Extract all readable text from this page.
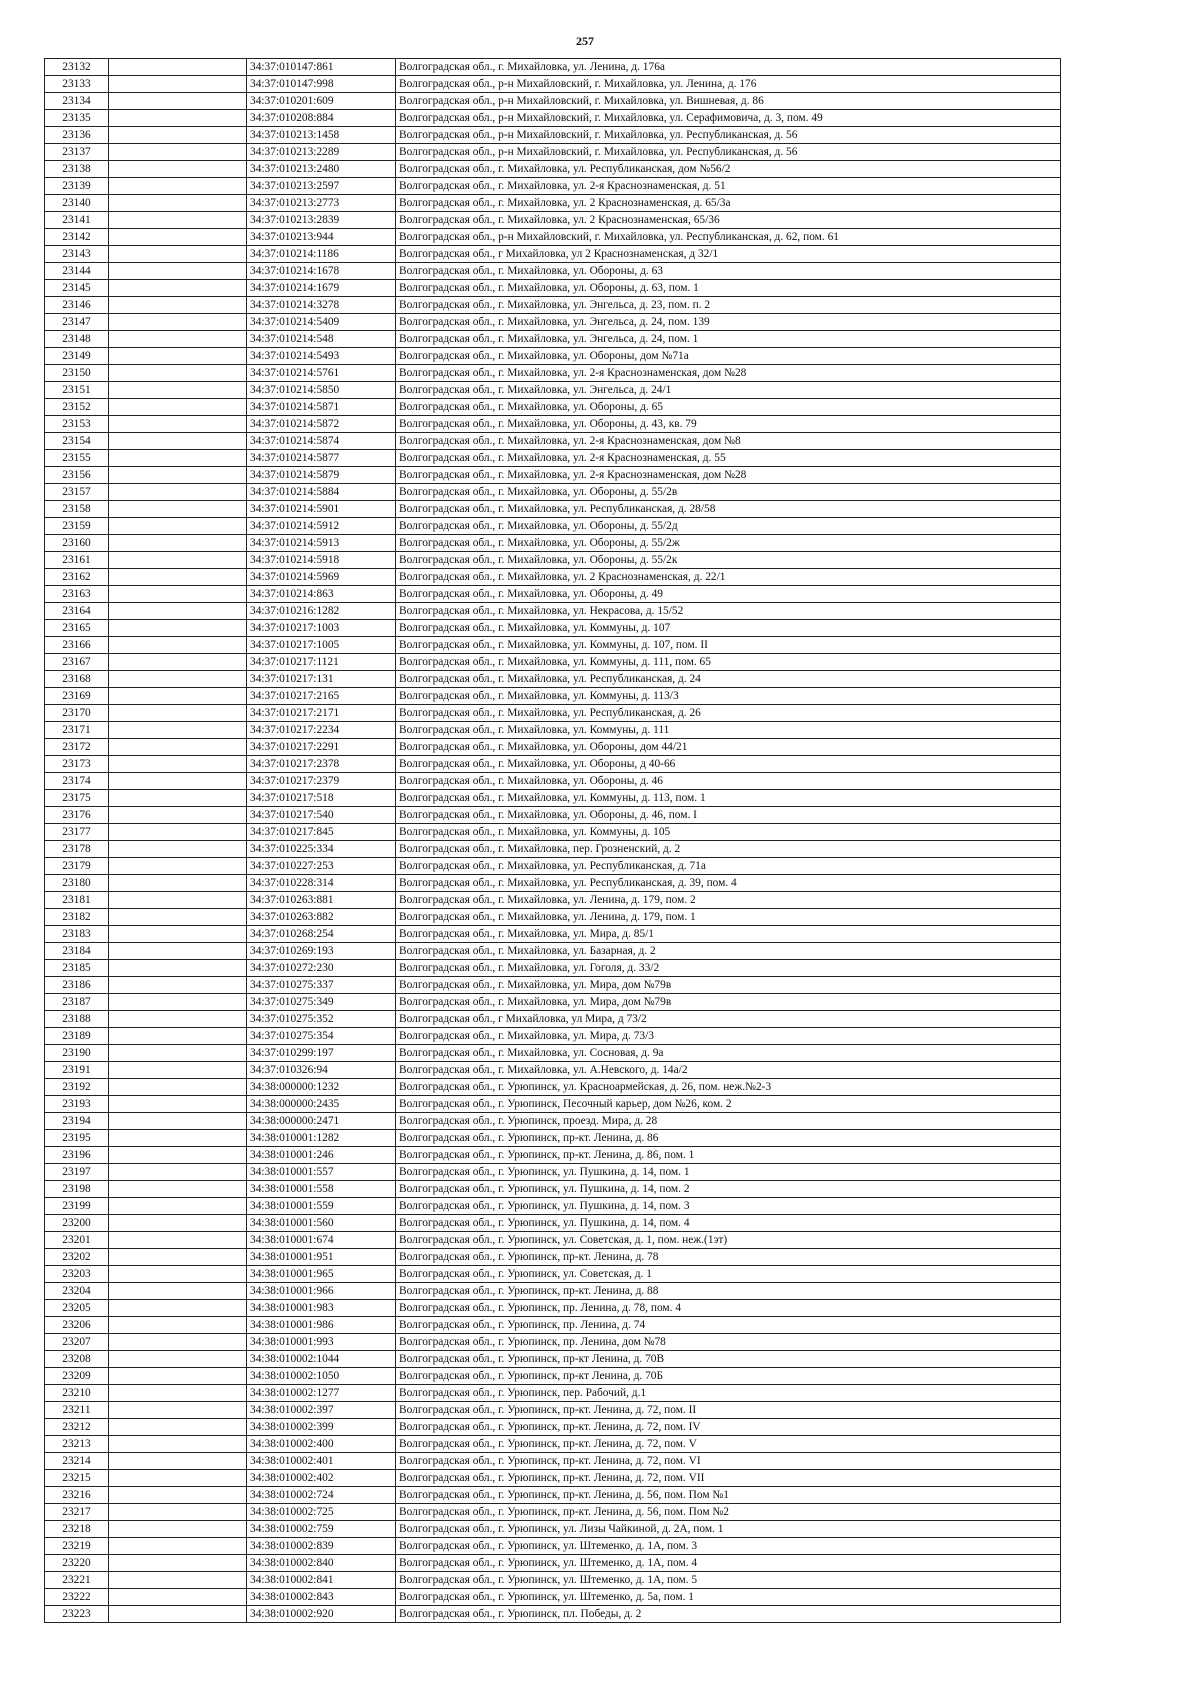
257
23132		34:37:010147:861	Волгоградская обл., г. Михайловка, ул. Ленина, д. 176а
23133		34:37:010147:998	Волгоградская обл., р-н Михайловский, г. Михайловка, ул. Ленина, д. 176
23134		34:37:010201:609	Волгоградская обл., р-н Михайловский, г. Михайловка, ул. Вишневая, д. 86
23135		34:37:010208:884	Волгоградская обл., р-н Михайловский, г. Михайловка, ул. Серафимовича, д. 3, пом. 49
23136		34:37:010213:1458	Волгоградская обл., р-н Михайловский, г. Михайловка, ул. Республиканская, д. 56
23137		34:37:010213:2289	Волгоградская обл., р-н Михайловский, г. Михайловка, ул. Республиканская, д. 56
23138		34:37:010213:2480	Волгоградская обл., г. Михайловка, ул. Республиканская, дом №56/2
23139		34:37:010213:2597	Волгоградская обл., г. Михайловка, ул. 2-я Краснознаменская, д. 51
23140		34:37:010213:2773	Волгоградская обл., г. Михайловка, ул. 2 Краснознаменская, д. 65/3а
23141		34:37:010213:2839	Волгоградская обл., г. Михайловка, ул. 2 Краснознаменская, 65/36
23142		34:37:010213:944	Волгоградская обл., р-н Михайловский, г. Михайловка, ул. Республиканская, д. 62, пом. 61
23143		34:37:010214:1186	Волгоградская обл., г Михайловка, ул 2 Краснознаменская, д 32/1
23144		34:37:010214:1678	Волгоградская обл., г. Михайловка, ул. Обороны, д. 63
23145		34:37:010214:1679	Волгоградская обл., г. Михайловка, ул. Обороны, д. 63, пом. 1
23146		34:37:010214:3278	Волгоградская обл., г. Михайловка, ул. Энгельса, д. 23, пом. п. 2
23147		34:37:010214:5409	Волгоградская обл., г. Михайловка, ул. Энгельса, д. 24, пом. 139
23148		34:37:010214:548	Волгоградская обл., г. Михайловка, ул. Энгельса, д. 24, пом. 1
23149		34:37:010214:5493	Волгоградская обл., г. Михайловка, ул. Обороны, дом №71а
23150		34:37:010214:5761	Волгоградская обл., г. Михайловка, ул. 2-я Краснознаменская, дом №28
23151		34:37:010214:5850	Волгоградская обл., г. Михайловка, ул. Энгельса, д. 24/1
23152		34:37:010214:5871	Волгоградская обл., г. Михайловка, ул. Обороны, д. 65
23153		34:37:010214:5872	Волгоградская обл., г. Михайловка, ул. Обороны, д. 43, кв. 79
23154		34:37:010214:5874	Волгоградская обл., г. Михайловка, ул. 2-я Краснознаменская, дом №8
23155		34:37:010214:5877	Волгоградская обл., г. Михайловка, ул. 2-я Краснознаменская, д. 55
23156		34:37:010214:5879	Волгоградская обл., г. Михайловка, ул. 2-я Краснознаменская, дом №28
23157		34:37:010214:5884	Волгоградская обл., г. Михайловка, ул. Обороны, д. 55/2в
23158		34:37:010214:5901	Волгоградская обл., г. Михайловка, ул. Республиканская, д. 28/58
23159		34:37:010214:5912	Волгоградская обл., г. Михайловка, ул. Обороны, д. 55/2д
23160		34:37:010214:5913	Волгоградская обл., г. Михайловка, ул. Обороны, д. 55/2ж
23161		34:37:010214:5918	Волгоградская обл., г. Михайловка, ул. Обороны, д. 55/2к
23162		34:37:010214:5969	Волгоградская обл., г. Михайловка, ул. 2 Краснознаменская, д. 22/1
23163		34:37:010214:863	Волгоградская обл., г. Михайловка, ул. Обороны, д. 49
23164		34:37:010216:1282	Волгоградская обл., г. Михайловка, ул. Некрасова, д. 15/52
23165		34:37:010217:1003	Волгоградская обл., г. Михайловка, ул. Коммуны, д. 107
23166		34:37:010217:1005	Волгоградская обл., г. Михайловка, ул. Коммуны, д. 107, пом. II
23167		34:37:010217:1121	Волгоградская обл., г. Михайловка, ул. Коммуны, д. 111, пом. 65
23168		34:37:010217:131	Волгоградская обл., г. Михайловка, ул. Республиканская, д. 24
23169		34:37:010217:2165	Волгоградская обл., г. Михайловка, ул. Коммуны, д. 113/3
23170		34:37:010217:2171	Волгоградская обл., г. Михайловка, ул. Республиканская, д. 26
23171		34:37:010217:2234	Волгоградская обл., г. Михайловка, ул. Коммуны, д. 111
23172		34:37:010217:2291	Волгоградская обл., г. Михайловка, ул. Обороны, дом 44/21
23173		34:37:010217:2378	Волгоградская обл., г. Михайловка, ул. Обороны, д 40-66
23174		34:37:010217:2379	Волгоградская обл., г. Михайловка, ул. Обороны, д. 46
23175		34:37:010217:518	Волгоградская обл., г. Михайловка, ул. Коммуны, д. 113, пом. 1
23176		34:37:010217:540	Волгоградская обл., г. Михайловка, ул. Обороны, д. 46, пом. I
23177		34:37:010217:845	Волгоградская обл., г. Михайловка, ул. Коммуны, д. 105
23178		34:37:010225:334	Волгоградская обл., г. Михайловка, пер. Грозненский, д. 2
23179		34:37:010227:253	Волгоградская обл., г. Михайловка, ул. Республиканская, д. 71а
23180		34:37:010228:314	Волгоградская обл., г. Михайловка, ул. Республиканская, д. 39, пом. 4
23181		34:37:010263:881	Волгоградская обл., г. Михайловка, ул. Ленина, д. 179, пом. 2
23182		34:37:010263:882	Волгоградская обл., г. Михайловка, ул. Ленина, д. 179, пом. 1
23183		34:37:010268:254	Волгоградская обл., г. Михайловка, ул. Мира, д. 85/1
23184		34:37:010269:193	Волгоградская обл., г. Михайловка, ул. Базарная, д. 2
23185		34:37:010272:230	Волгоградская обл., г. Михайловка, ул. Гоголя, д. 33/2
23186		34:37:010275:337	Волгоградская обл., г. Михайловка, ул. Мира, дом №79в
23187		34:37:010275:349	Волгоградская обл., г. Михайловка, ул. Мира, дом №79в
23188		34:37:010275:352	Волгоградская обл., г Михайловка, ул Мира, д 73/2
23189		34:37:010275:354	Волгоградская обл., г. Михайловка, ул. Мира, д. 73/3
23190		34:37:010299:197	Волгоградская обл., г. Михайловка, ул. Сосновая, д. 9а
23191		34:37:010326:94	Волгоградская обл., г. Михайловка, ул. А.Невского, д. 14а/2
23192		34:38:000000:1232	Волгоградская обл., г. Урюпинск, ул. Красноармейская, д. 26, пом. неж.№2-3
23193		34:38:000000:2435	Волгоградская обл., г. Урюпинск, Песочный карьер, дом №26, ком. 2
23194		34:38:000000:2471	Волгоградская обл., г. Урюпинск, проезд. Мира, д. 28
23195		34:38:010001:1282	Волгоградская обл., г. Урюпинск, пр-кт. Ленина, д. 86
23196		34:38:010001:246	Волгоградская обл., г. Урюпинск, пр-кт. Ленина, д. 86, пом. 1
23197		34:38:010001:557	Волгоградская обл., г. Урюпинск, ул. Пушкина, д. 14, пом. 1
23198		34:38:010001:558	Волгоградская обл., г. Урюпинск, ул. Пушкина, д. 14, пом. 2
23199		34:38:010001:559	Волгоградская обл., г. Урюпинск, ул. Пушкина, д. 14, пом. 3
23200		34:38:010001:560	Волгоградская обл., г. Урюпинск, ул. Пушкина, д. 14, пом. 4
23201		34:38:010001:674	Волгоградская обл., г. Урюпинск, ул. Советская, д. 1, пом. неж.(1эт)
23202		34:38:010001:951	Волгоградская обл., г. Урюпинск, пр-кт. Ленина, д. 78
23203		34:38:010001:965	Волгоградская обл., г. Урюпинск, ул. Советская, д. 1
23204		34:38:010001:966	Волгоградская обл., г. Урюпинск, пр-кт. Ленина, д. 88
23205		34:38:010001:983	Волгоградская обл., г. Урюпинск, пр. Ленина, д. 78, пом. 4
23206		34:38:010001:986	Волгоградская обл., г. Урюпинск, пр. Ленина, д. 74
23207		34:38:010001:993	Волгоградская обл., г. Урюпинск, пр. Ленина, дом №78
23208		34:38:010002:1044	Волгоградская обл., г. Урюпинск, пр-кт Ленина, д. 70В
23209		34:38:010002:1050	Волгоградская обл., г. Урюпинск, пр-кт Ленина, д. 70Б
23210		34:38:010002:1277	Волгоградская обл., г. Урюпинск, пер. Рабочий, д.1
23211		34:38:010002:397	Волгоградская обл., г. Урюпинск, пр-кт. Ленина, д. 72, пом. II
23212		34:38:010002:399	Волгоградская обл., г. Урюпинск, пр-кт. Ленина, д. 72, пом. IV
23213		34:38:010002:400	Волгоградская обл., г. Урюпинск, пр-кт. Ленина, д. 72, пом. V
23214		34:38:010002:401	Волгоградская обл., г. Урюпинск, пр-кт. Ленина, д. 72, пом. VI
23215		34:38:010002:402	Волгоградская обл., г. Урюпинск, пр-кт. Ленина, д. 72, пом. VII
23216		34:38:010002:724	Волгоградская обл., г. Урюпинск, пр-кт. Ленина, д. 56, пом. Пом №1
23217		34:38:010002:725	Волгоградская обл., г. Урюпинск, пр-кт. Ленина, д. 56, пом. Пом №2
23218		34:38:010002:759	Волгоградская обл., г. Урюпинск, ул. Лизы Чайкиной, д. 2А, пом. 1
23219		34:38:010002:839	Волгоградская обл., г. Урюпинск, ул. Штеменко, д. 1А, пом. 3
23220		34:38:010002:840	Волгоградская обл., г. Урюпинск, ул. Штеменко, д. 1А, пом. 4
23221		34:38:010002:841	Волгоградская обл., г. Урюпинск, ул. Штеменко, д. 1А, пом. 5
23222		34:38:010002:843	Волгоградская обл., г. Урюпинск, ул. Штеменко, д. 5а, пом. 1
23223		34:38:010002:920	Волгоградская обл., г. Урюпинск, пл. Победы, д. 2
